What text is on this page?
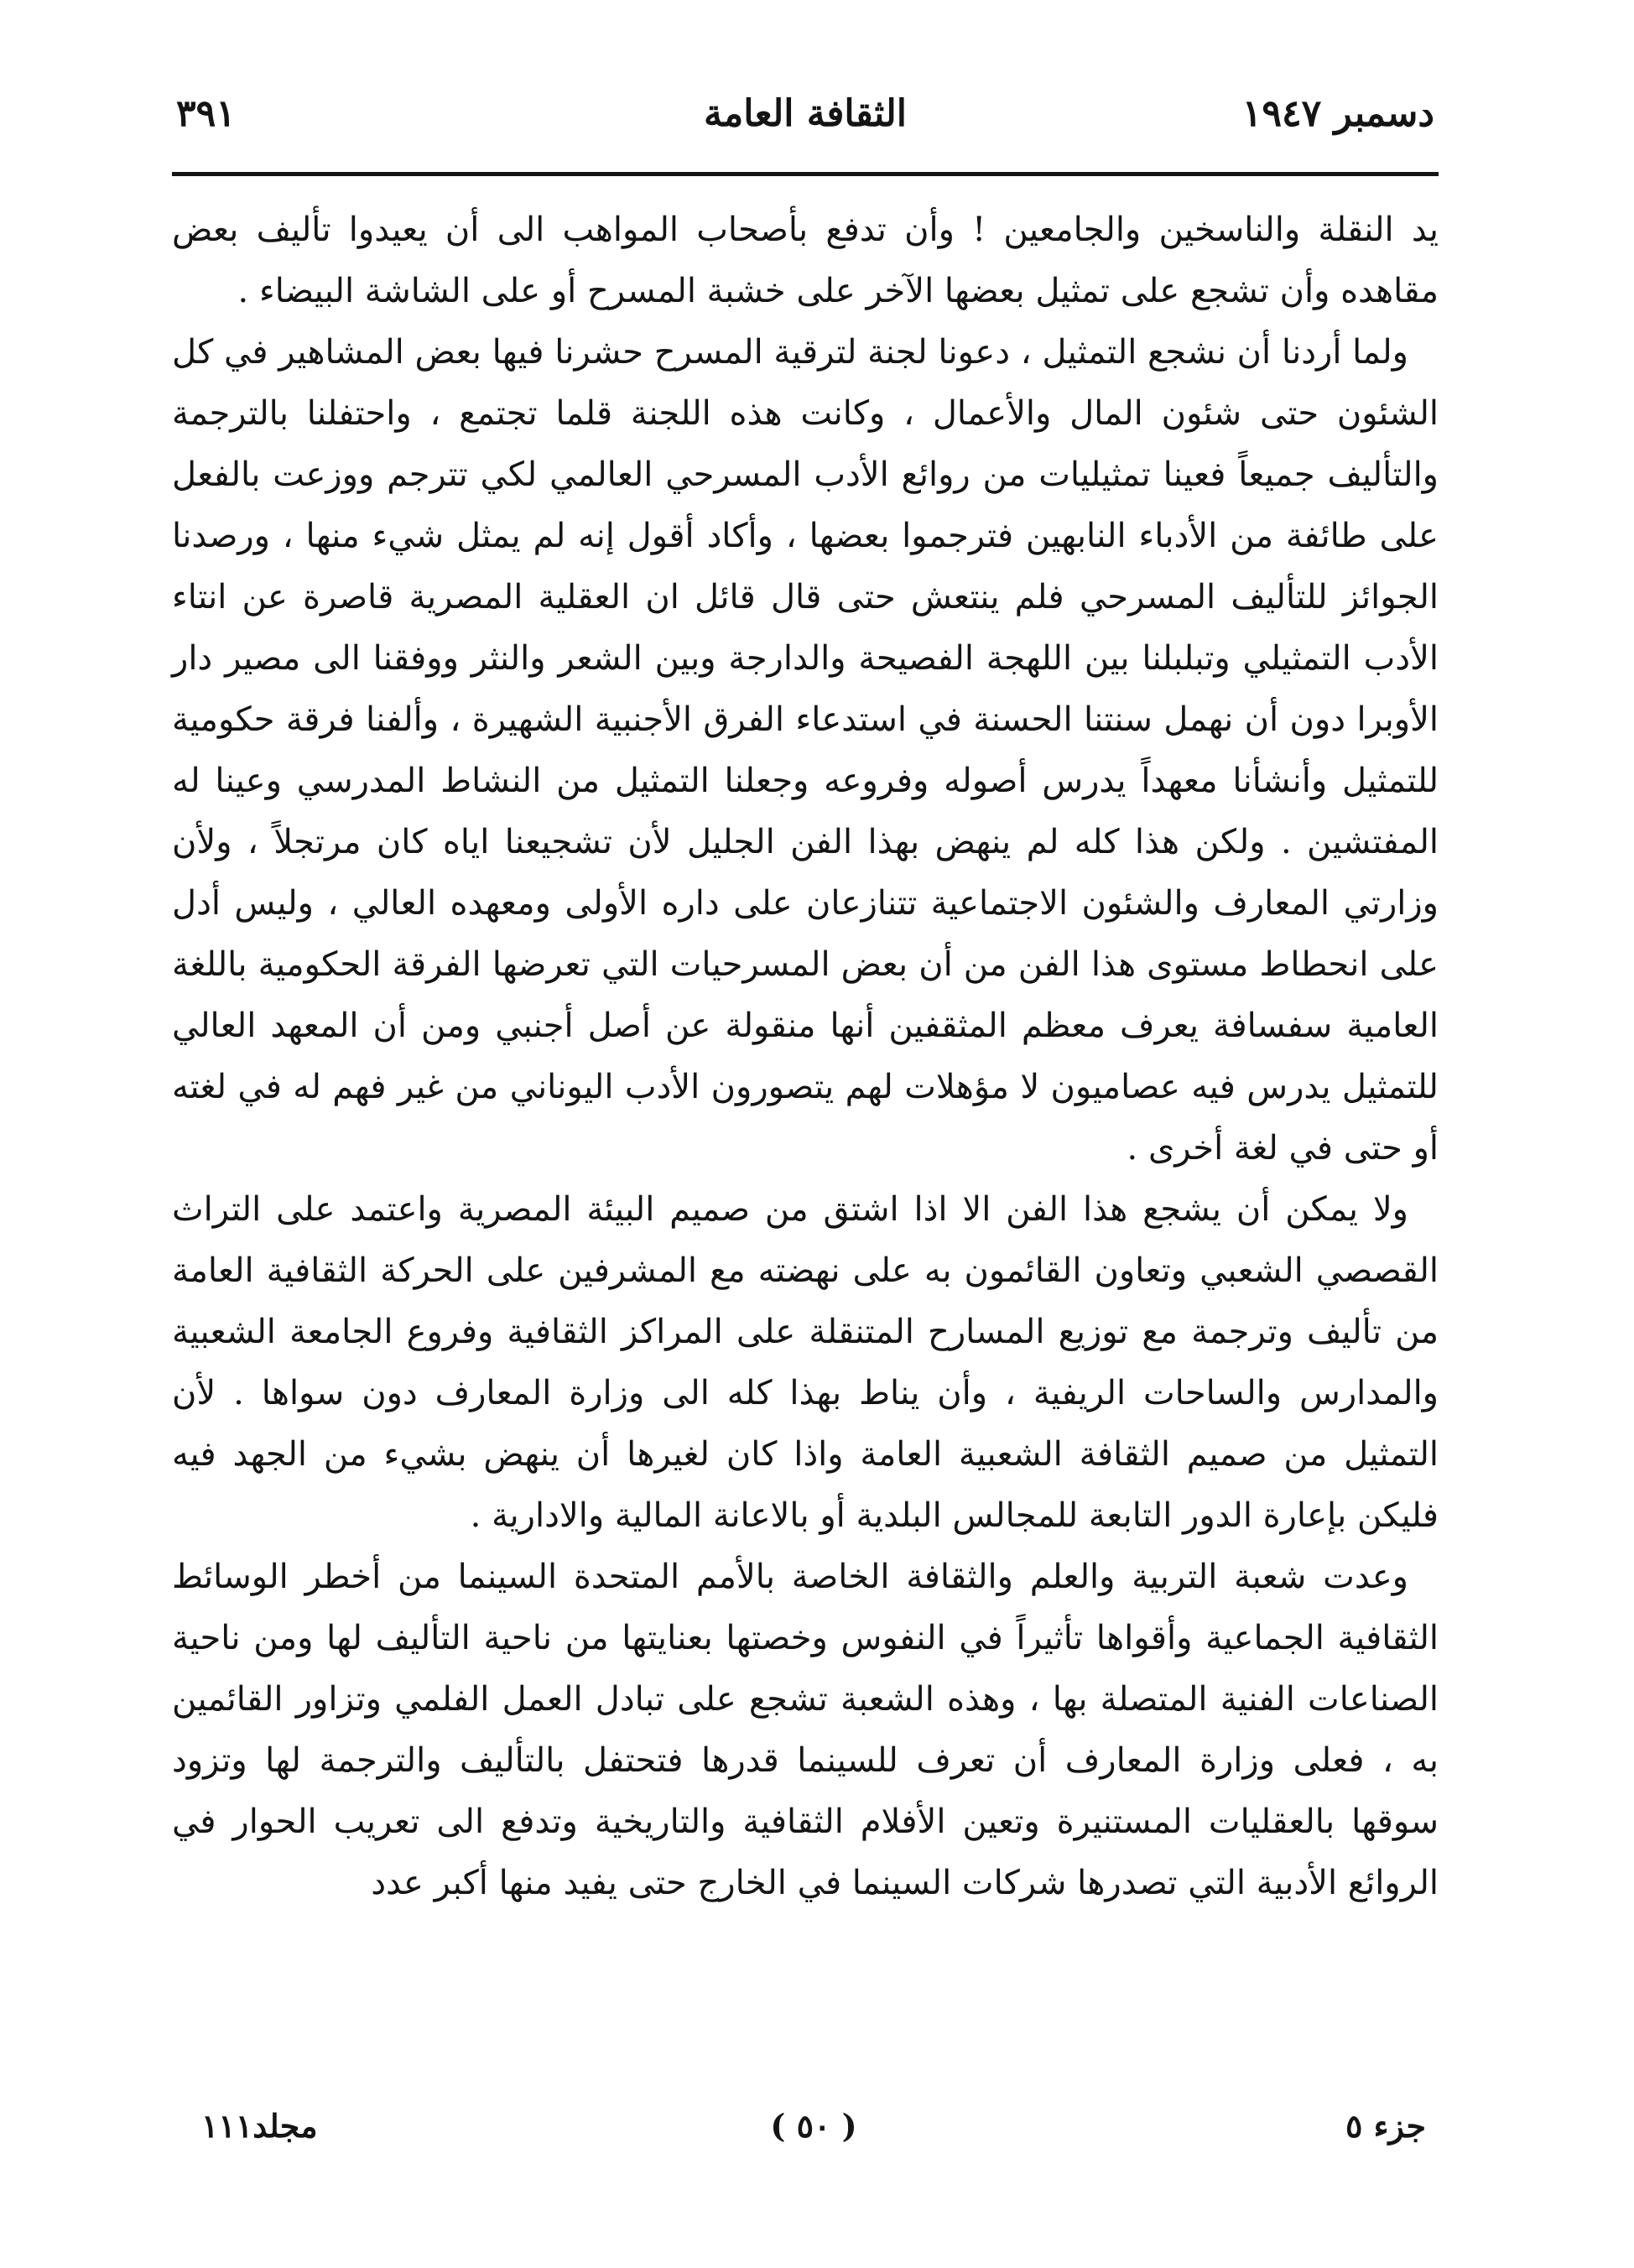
دسمبر ١٩٤٧
الثقافة العامة
٣٩١

يد النقلة والناسخين والجامعين ! وأن تدفع بأصحاب المواهب الى أن يعيدوا تأليف بعض مقاهده وأن تشجع على تمثيل بعضها الآخر على خشبة المسرح أو على الشاشة البيضاء .

ولما أردنا أن نشجع التمثيل ، دعونا لجنة لترقية المسرح حشرنا فيها بعض المشاهير في كل الشئون حتى شئون المال والأعمال ، وكانت هذه اللجنة قلما تجتمع ، واحتفلنا بالترجمة والتأليف جميعاً فعينا تمثيليات من روائع الأدب المسرحي العالمي لكي تترجم ووزعت بالفعل على طائفة من الأدباء النابهين فترجموا بعضها ، وأكاد أقول إنه لم يمثل شيء منها ، ورصدنا الجوائز للتأليف المسرحي فلم ينتعش حتى قال قائل ان العقلية المصرية قاصرة عن انتاء الأدب التمثيلي وتبلبلنا بين اللهجة الفصيحة والدارجة وبين الشعر والنثر ووفقنا الى مصير دار الأوبرا دون أن نهمل سنتنا الحسنة في استدعاء الفرق الأجنبية الشهيرة ، وألفنا فرقة حكومية للتمثيل وأنشأنا معهداً يدرس أصوله وفروعه وجعلنا التمثيل من النشاط المدرسي وعينا له المفتشين . ولكن هذا كله لم ينهض بهذا الفن الجليل لأن تشجيعنا اياه كان مرتجلاً ، ولأن وزارتي المعارف والشئون الاجتماعية تتنازعان على داره الأولى ومعهده العالي ، وليس أدل على انحطاط مستوى هذا الفن من أن بعض المسرحيات التي تعرضها الفرقة الحكومية باللغة العامية سفسافة يعرف معظم المثقفين أنها منقولة عن أصل أجنبي ومن أن المعهد العالي للتمثيل يدرس فيه عصاميون لا مؤهلات لهم يتصورون الأدب اليوناني من غير فهم له في لغته أو حتى في لغة أخرى .

ولا يمكن أن يشجع هذا الفن الا اذا اشتق من صميم البيئة المصرية واعتمد على التراث القصصي الشعبي وتعاون القائمون به على نهضته مع المشرفين على الحركة الثقافية العامة من تأليف وترجمة مع توزيع المسارح المتنقلة على المراكز الثقافية وفروع الجامعة الشعبية والمدارس والساحات الريفية ، وأن يناط بهذا كله الى وزارة المعارف دون سواها . لأن التمثيل من صميم الثقافة الشعبية العامة واذا كان لغيرها أن ينهض بشيء من الجهد فيه فليكن بإعارة الدور التابعة للمجالس البلدية أو بالاعانة المالية والادارية .

وعدت شعبة التربية والعلم والثقافة الخاصة بالأمم المتحدة السينما من أخطر الوسائط الثقافية الجماعية وأقواها تأثيراً في النفوس وخصتها بعنايتها من ناحية التأليف لها ومن ناحية الصناعات الفنية المتصلة بها ، وهذه الشعبة تشجع على تبادل العمل الفلمي وتزاور القائمين به ، فعلى وزارة المعارف أن تعرف للسينما قدرها فتحتفل بالتأليف والترجمة لها وتزود سوقها بالعقليات المستنيرة وتعين الأفلام الثقافية والتاريخية وتدفع الى تعريب الحوار في الروائع الأدبية التي تصدرها شركات السينما في الخارج حتى يفيد منها أكبر عدد

جزء ٥
( ٥٠ )
مجلد١١١
